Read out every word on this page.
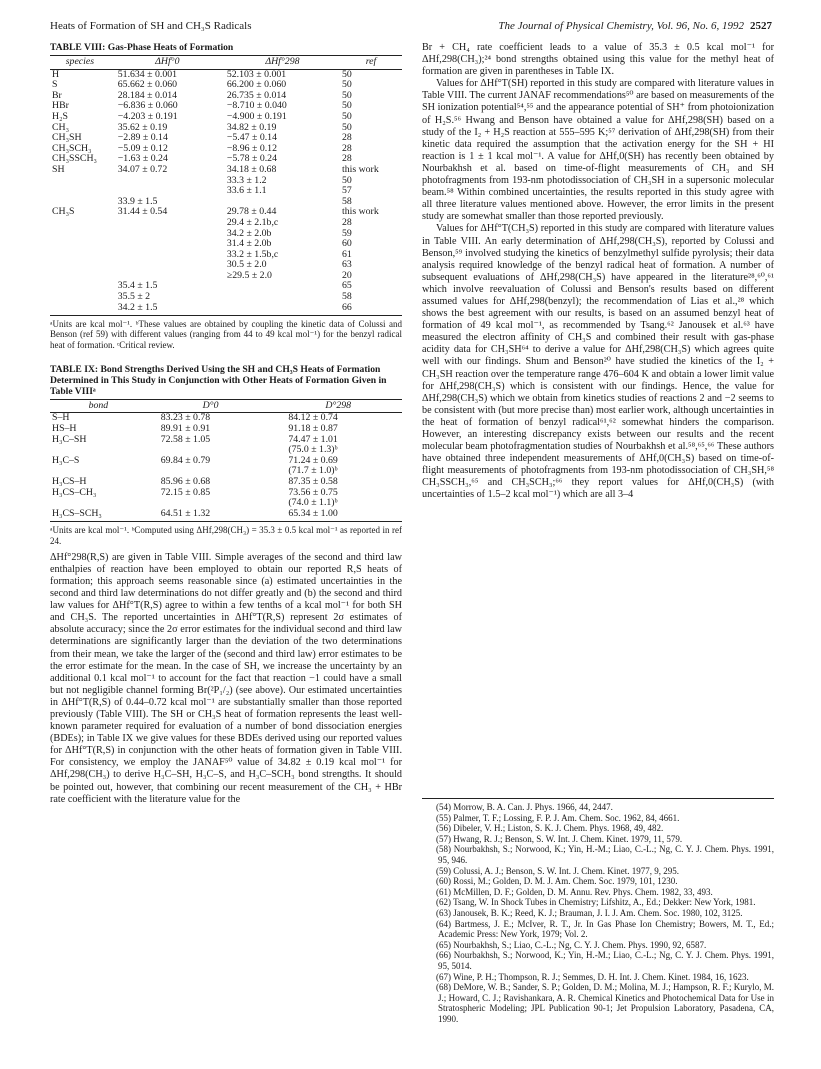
Heats of Formation of SH and CH₃S Radicals	The Journal of Physical Chemistry, Vol. 96, No. 6, 1992 2527
TABLE VIII: Gas-Phase Heats of Formation
species	ΔHf°0	ΔHf°298	ref
H	51.634 ± 0.001	52.103 ± 0.001	50
S	65.662 ± 0.060	66.200 ± 0.060	50
Br	28.184 ± 0.014	26.735 ± 0.014	50
HBr	−6.836 ± 0.060	−8.710 ± 0.040	50
H₂S	−4.203 ± 0.191	−4.900 ± 0.191	50
CH₃	35.62 ± 0.19	34.82 ± 0.19	50
CH₃SH	−2.89 ± 0.14	−5.47 ± 0.14	28
CH₃SCH₃	−5.09 ± 0.12	−8.96 ± 0.12	28
CH₃SSCH₃	−1.63 ± 0.24	−5.78 ± 0.24	28
SH	34.07 ± 0.72	34.18 ± 0.68	this work
		33.3 ± 1.2	50
		33.6 ± 1.1	57
	33.9 ± 1.5		58
CH₃S	31.44 ± 0.54	29.78 ± 0.44	this work
		29.4 ± 2.1b,c	28
		34.2 ± 2.0b	59
		31.4 ± 2.0b	60
		33.2 ± 1.5b,c	61
		30.5 ± 2.0	63
		≥29.5 ± 2.0	20
	35.4 ± 1.5		65
	35.5 ± 2		58
	34.2 ± 1.5		66
ᵃUnits are kcal mol⁻¹. ᵇThese values are obtained by coupling the kinetic data of Colussi and Benson (ref 59) with different values (ranging from 44 to 49 kcal mol⁻¹) for the benzyl radical heat of formation. ᶜCritical review.
TABLE IX: Bond Strengths Derived Using the SH and CH₃S Heats of Formation Determined in This Study in Conjunction with Other Heats of Formation Given in Table VIIIᵃ
bond	D°0	D°298
S–H	83.23 ± 0.78	84.12 ± 0.74
HS–H	89.91 ± 0.91	91.18 ± 0.87
H₃C–SH	72.58 ± 1.05	74.47 ± 1.01
		(75.0 ± 1.3)ᵇ
H₃C–S	69.84 ± 0.79	71.24 ± 0.69
		(71.7 ± 1.0)ᵇ
H₃CS–H	85.96 ± 0.68	87.35 ± 0.58
H₃CS–CH₃	72.15 ± 0.85	73.56 ± 0.75
		(74.0 ± 1.1)ᵇ
H₃CS–SCH₃	64.51 ± 1.32	65.34 ± 1.00
ᵃUnits are kcal mol⁻¹. ᵇComputed using ΔHf,298(CH₃) = 35.3 ± 0.5 kcal mol⁻¹ as reported in ref 24.

ΔHf°298(R,S) are given in Table VIII. Simple averages of the second and third law enthalpies of reaction have been employed to obtain our reported R,S heats of formation; this approach seems reasonable since (a) estimated uncertainties in the second and third law determinations do not differ greatly and (b) the second and third law values for ΔHf°T(R,S) agree to within a few tenths of a kcal mol⁻¹ for both SH and CH₃S. The reported uncertainties in ΔHf°T(R,S) represent 2σ estimates of absolute accuracy; since the 2σ error estimates for the individual second and third law determinations are significantly larger than the deviation of the two determinations from their mean, we take the larger of the (second and third law) error estimates to be the error estimate for the mean. In the case of SH, we increase the uncertainty by an additional 0.1 kcal mol⁻¹ to account for the fact that reaction −1 could have a small but not negligible channel forming Br(²P₁/₂) (see above). Our estimated uncertainties in ΔHf°T(R,S) of 0.44–0.72 kcal mol⁻¹ are substantially smaller than those reported previously (Table VIII). The SH or CH₃S heat of formation represents the least well-known parameter required for evaluation of a number of bond dissociation energies (BDEs); in Table IX we give values for these BDEs derived using our reported values for ΔHf°T(R,S) in conjunction with the other heats of formation given in Table VIII. For consistency, we employ the JANAF⁵⁰ value of 34.82 ± 0.19 kcal mol⁻¹ for ΔHf,298(CH₃) to derive H₃C–SH, H₃C–S, and H₃C–SCH₃ bond strengths. It should be pointed out, however, that combining our recent measurement of the CH₃ + HBr rate coefficient with the literature value for the

Br + CH₄ rate coefficient leads to a value of 35.3 ± 0.5 kcal mol⁻¹ for ΔHf,298(CH₃);²⁴ bond strengths obtained using this value for the methyl heat of formation are given in parentheses in Table IX.

Values for ΔHf°T(SH) reported in this study are compared with literature values in Table VIII. The current JANAF recommendations⁵⁰ are based on measurements of the SH ionization potential⁵⁴,⁵⁵ and the appearance potential of SH⁺ from photoionization of H₂S.⁵⁶ Hwang and Benson have obtained a value for ΔHf,298(SH) based on a study of the I₂ + H₂S reaction at 555–595 K;⁵⁷ derivation of ΔHf,298(SH) from their kinetic data required the assumption that the activation energy for the SH + HI reaction is 1 ± 1 kcal mol⁻¹. A value for ΔHf,0(SH) has recently been obtained by Nourbakhsh et al. based on time-of-flight measurements of CH₃ and SH photofragments from 193-nm photodissociation of CH₃SH in a supersonic molecular beam.⁵⁸ Within combined uncertainties, the results reported in this study agree with all three literature values mentioned above. However, the error limits in the present study are somewhat smaller than those reported previously.

Values for ΔHf°T(CH₃S) reported in this study are compared with literature values in Table VIII. An early determination of ΔHf,298(CH₃S), reported by Colussi and Benson,⁵⁹ involved studying the kinetics of benzylmethyl sulfide pyrolysis; their data analysis required knowledge of the benzyl radical heat of formation. A number of subsequent evaluations of ΔHf,298(CH₃S) have appeared in the literature²⁸,⁶⁰,⁶¹ which involve reevaluation of Colussi and Benson's results based on different assumed values for ΔHf,298(benzyl); the recommendation of Lias et al.,²⁸ which shows the best agreement with our results, is based on an assumed benzyl heat of formation of 49 kcal mol⁻¹, as recommended by Tsang.⁶² Janousek et al.⁶³ have measured the electron affinity of CH₃S and combined their result with gas-phase acidity data for CH₃SH⁶⁴ to derive a value for ΔHf,298(CH₃S) which agrees quite well with our findings. Shum and Benson²⁰ have studied the kinetics of the I₂ + CH₃SH reaction over the temperature range 476–604 K and obtain a lower limit value for ΔHf,298(CH₃S) which is consistent with our findings. Hence, the value for ΔHf,298(CH₃S) which we obtain from kinetics studies of reactions 2 and −2 seems to be consistent with (but more precise than) most earlier work, although uncertainties in the heat of formation of benzyl radical⁶¹,⁶² somewhat hinders the comparison. However, an interesting discrepancy exists between our results and the recent molecular beam photofragmentation studies of Nourbakhsh et al.⁵⁸,⁶⁵,⁶⁶ These authors have obtained three independent measurements of ΔHf,0(CH₃S) based on time-of-flight measurements of photofragments from 193-nm photodissociation of CH₃SH,⁵⁸ CH₃SSCH₃,⁶⁵ and CH₃SCH₃;⁶⁶ they report values for ΔHf,0(CH₃S) (with uncertainties of 1.5–2 kcal mol⁻¹) which are all 3–4

(54) Morrow, B. A. Can. J. Phys. 1966, 44, 2447.

(55) Palmer, T. F.; Lossing, F. P. J. Am. Chem. Soc. 1962, 84, 4661.

(56) Dibeler, V. H.; Liston, S. K. J. Chem. Phys. 1968, 49, 482.

(57) Hwang, R. J.; Benson, S. W. Int. J. Chem. Kinet. 1979, 11, 579.

(58) Nourbakhsh, S.; Norwood, K.; Yin, H.-M.; Liao, C.-L.; Ng, C. Y. J. Chem. Phys. 1991, 95, 946.

(59) Colussi, A. J.; Benson, S. W. Int. J. Chem. Kinet. 1977, 9, 295.

(60) Rossi, M.; Golden, D. M. J. Am. Chem. Soc. 1979, 101, 1230.

(61) McMillen, D. F.; Golden, D. M. Annu. Rev. Phys. Chem. 1982, 33, 493.

(62) Tsang, W. In Shock Tubes in Chemistry; Lifshitz, A., Ed.; Dekker: New York, 1981.

(63) Janousek, B. K.; Reed, K. J.; Brauman, J. I. J. Am. Chem. Soc. 1980, 102, 3125.

(64) Bartmess, J. E.; McIver, R. T., Jr. In Gas Phase Ion Chemistry; Bowers, M. T., Ed.; Academic Press: New York, 1979; Vol. 2.

(65) Nourbakhsh, S.; Liao, C.-L.; Ng, C. Y. J. Chem. Phys. 1990, 92, 6587.

(66) Nourbakhsh, S.; Norwood, K.; Yin, H.-M.; Liao, C.-L.; Ng, C. Y. J. Chem. Phys. 1991, 95, 5014.

(67) Wine, P. H.; Thompson, R. J.; Semmes, D. H. Int. J. Chem. Kinet. 1984, 16, 1623.

(68) DeMore, W. B.; Sander, S. P.; Golden, D. M.; Molina, M. J.; Hampson, R. F.; Kurylo, M. J.; Howard, C. J.; Ravishankara, A. R. Chemical Kinetics and Photochemical Data for Use in Stratospheric Modeling; JPL Publication 90-1; Jet Propulsion Laboratory, Pasadena, CA, 1990.
